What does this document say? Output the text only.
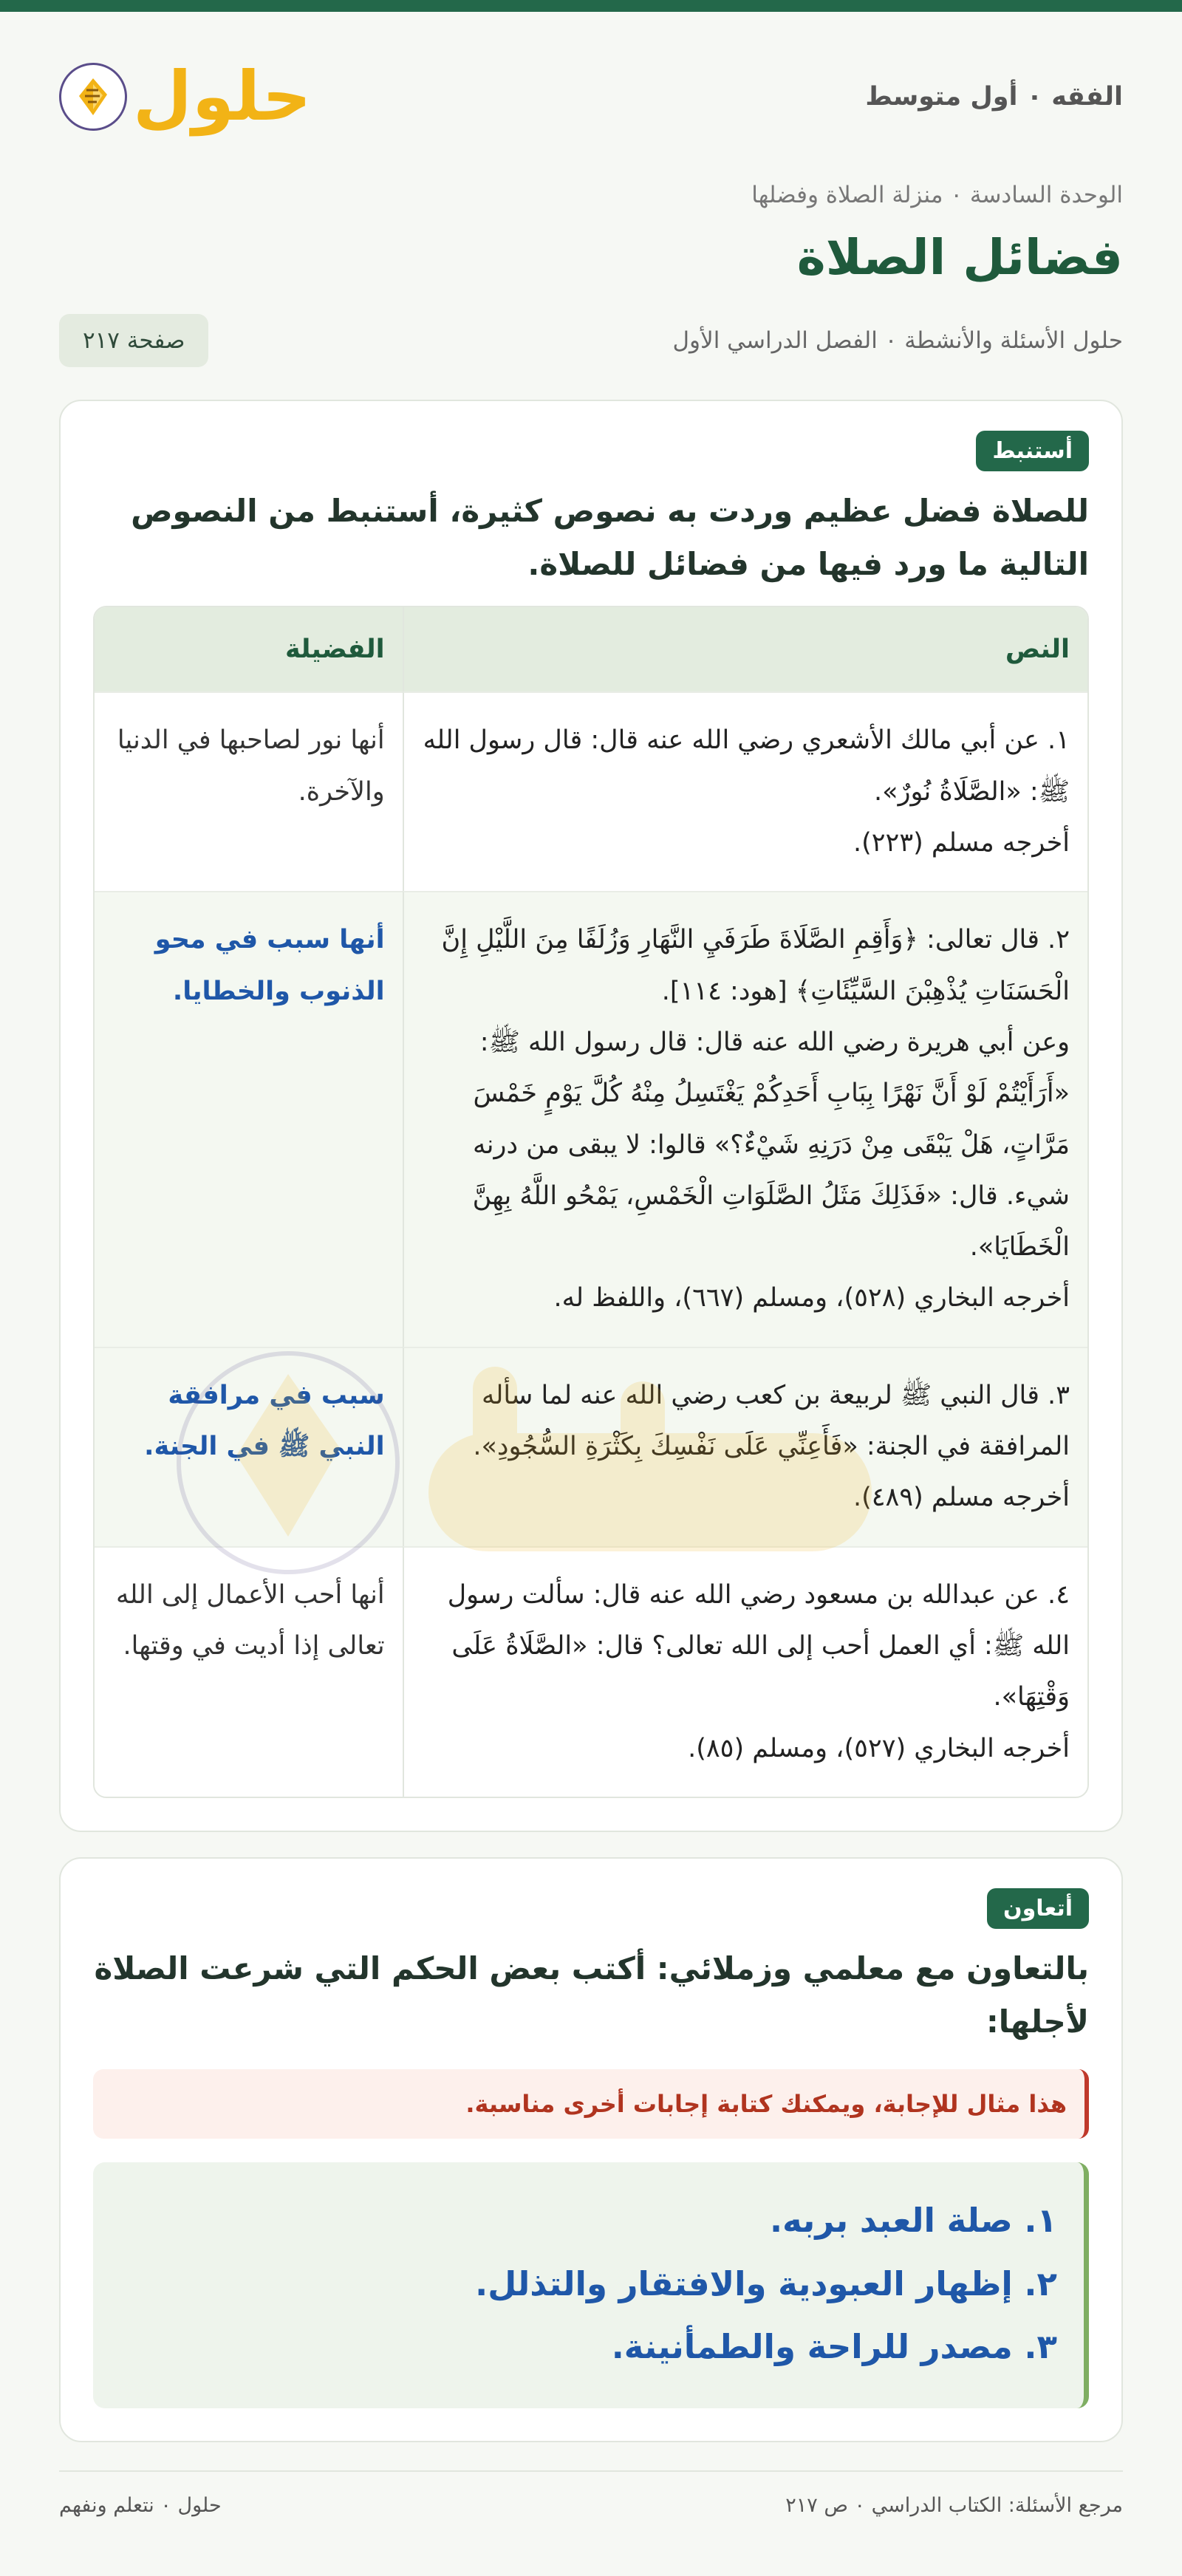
الفقه ٠ أول متوسط
حلول
الوحدة السادسة ٠ منزلة الصلاة وفضلها
فضائل الصلاة
حلول الأسئلة والأنشطة ٠ الفصل الدراسي الأول
صفحة ٢١٧
أستنبط

للصلاة فضل عظيم وردت به نصوص كثيرة، أستنبط من النصوص التالية ما ورد فيها من فضائل للصلاة.

النص	الفضيلة
١. عن أبي مالك الأشعري رضي الله عنه قال: قال رسول الله ﷺ: «الصَّلَاةُ نُورٌ».
أخرجه مسلم (٢٢٣).	أنها نور لصاحبها في الدنيا والآخرة.
٢. قال تعالى: ﴿وَأَقِمِ الصَّلَاةَ طَرَفَيِ النَّهَارِ وَزُلَفًا مِنَ اللَّيْلِ إِنَّ الْحَسَنَاتِ يُذْهِبْنَ السَّيِّئَاتِ﴾ [هود: ١١٤].
وعن أبي هريرة رضي الله عنه قال: قال رسول الله ﷺ: «أَرَأَيْتُمْ لَوْ أَنَّ نَهْرًا بِبَابِ أَحَدِكُمْ يَغْتَسِلُ مِنْهُ كُلَّ يَوْمٍ خَمْسَ مَرَّاتٍ، هَلْ يَبْقَى مِنْ دَرَنِهِ شَيْءٌ؟» قالوا: لا يبقى من درنه شيء. قال: «فَذَلِكَ مَثَلُ الصَّلَوَاتِ الْخَمْسِ، يَمْحُو اللَّهُ بِهِنَّ الْخَطَايَا».
أخرجه البخاري (٥٢٨)، ومسلم (٦٦٧)، واللفظ له.	أنها سبب في محو الذنوب والخطايا.
٣. قال النبي ﷺ لربيعة بن كعب رضي الله عنه لما سأله المرافقة في الجنة: «فَأَعِنِّي عَلَى نَفْسِكَ بِكَثْرَةِ السُّجُودِ».
أخرجه مسلم (٤٨٩).	سبب في مرافقة النبي ﷺ في الجنة.
٤. عن عبدالله بن مسعود رضي الله عنه قال: سألت رسول الله ﷺ: أي العمل أحب إلى الله تعالى؟ قال: «الصَّلَاةُ عَلَى وَقْتِهَا».
أخرجه البخاري (٥٢٧)، ومسلم (٨٥).	أنها أحب الأعمال إلى الله تعالى إذا أديت في وقتها.
أتعاون

بالتعاون مع معلمي وزملائي: أكتب بعض الحكم التي شرعت الصلاة لأجلها:

هذا مثال للإجابة، ويمكنك كتابة إجابات أخرى مناسبة.
١. صلة العبد بربه.
٢. إظهار العبودية والافتقار والتذلل.
٣. مصدر للراحة والطمأنينة.
مرجع الأسئلة: الكتاب الدراسي ٠ ص ٢١٧
حلول ٠ نتعلم ونفهم
